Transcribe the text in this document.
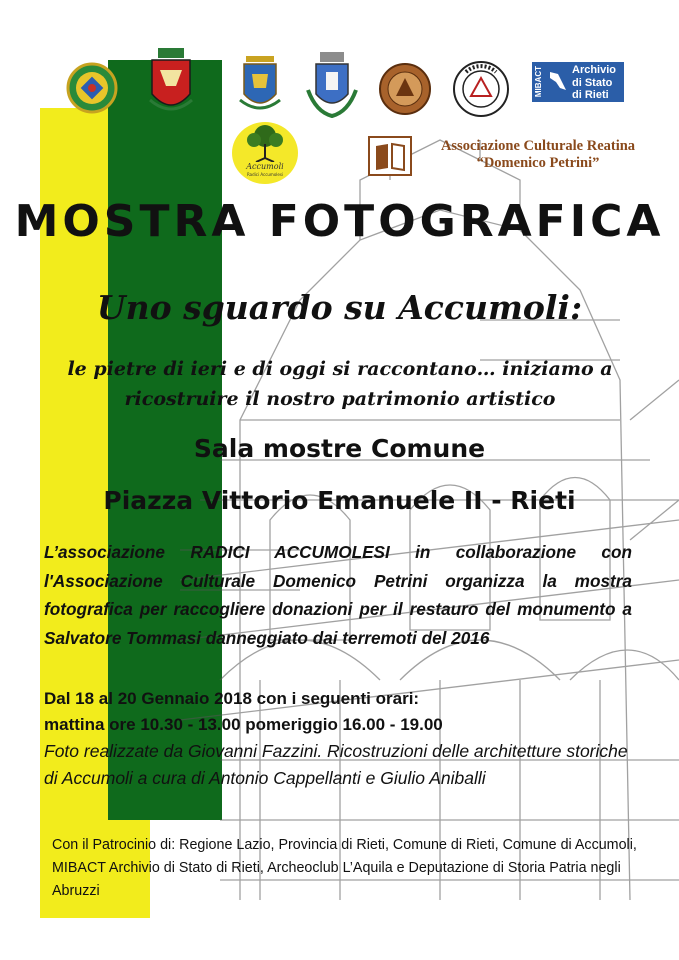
MIBACT	Archivio
di Stato
di Rieti
Accumoli
Radici Accumolesi
Associazione Culturale Reatina
“Domenico Petrini”
MOSTRA FOTOGRAFICA
Uno sguardo su Accumoli:
le pietre di ieri e di oggi si raccontano… iniziamo a ricostruire il nostro patrimonio artistico
Sala mostre Comune
Piazza Vittorio Emanuele II - Rieti
L’associazione RADICI ACCUMOLESI in collaborazione con l'Associazione Culturale Domenico Petrini organizza la mostra fotografica per raccogliere donazioni per il restauro del monumento a Salvatore Tommasi danneggiato dai terremoti del 2016
Dal 18 al 20 Gennaio 2018 con i seguenti orari:
mattina ore 10.30 - 13.00 pomeriggio 16.00 - 19.00
Foto realizzate da Giovanni Fazzini. Ricostruzioni delle architetture storiche di Accumoli a cura di Antonio Cappellanti e Giulio Aniballi
Con il Patrocinio di: Regione Lazio, Provincia di Rieti, Comune di Rieti, Comune di Accumoli, MIBACT Archivio di Stato di Rieti, Archeoclub L’Aquila e Deputazione di Storia Patria negli Abruzzi
